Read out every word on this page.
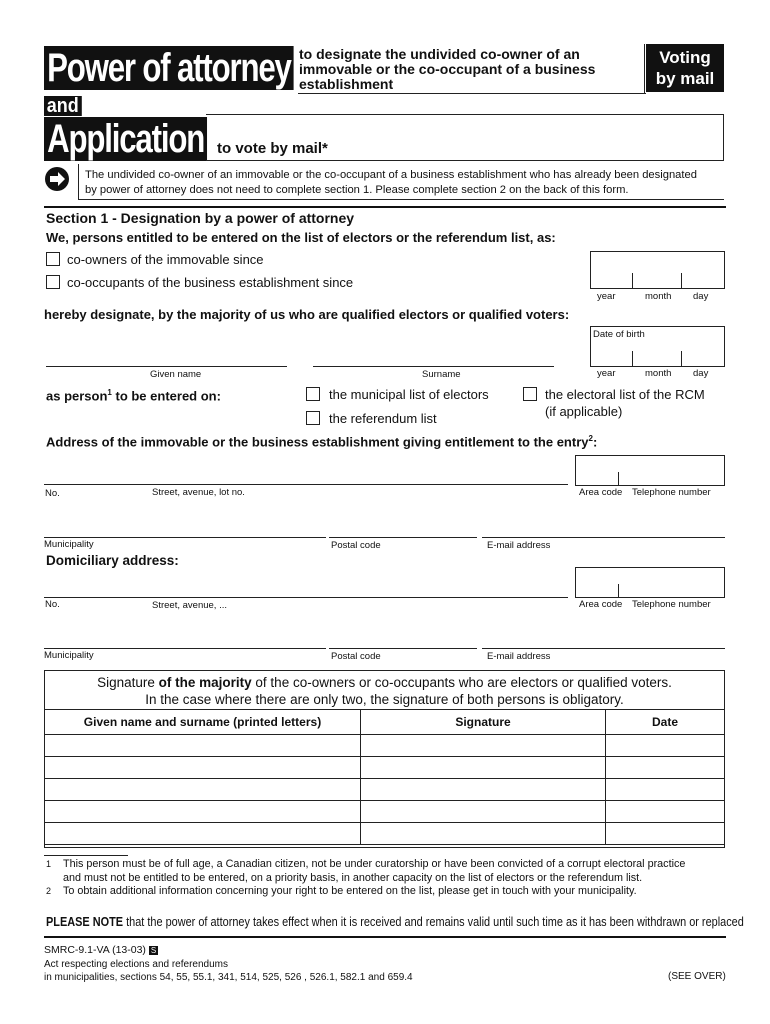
Power of attorney to designate the undivided co-owner of an
immovable or the co-occupant of a business
establishment
Voting
by mail
and
Application to vote by mail*
The undivided co-owner of an immovable or the co-occupant of a business establishment who has already been designated
by power of attorney does not need to complete section 1. Please complete section 2 on the back of this form.
Section 1 - Designation by a power of attorney
We, persons entitled to be entered on the list of electors or the referendum list, as:
co-owners of the immovable since
co-occupants of the business establishment since
year	month day
hereby designate, by the majority of us who are qualified electors or qualified voters:
Date of birth
year	month day
Given name	Surname
as person$^1$ to be entered on:	the municipal list of electors
the referendum list
the electoral list of the RCM
(if applicable)
Address of the immovable or the business establishment giving entitlement to the entry$^2$:
No.	Street, avenue, lot no.	Area code Telephone number
Municipality	Postal code	E-mail address
Domiciliary address:
No.	Street, avenue, ...	Area code Telephone number
Municipality	Postal code	E-mail address
Signature of the majority of the co-owners or co-occupants who are electors or qualified voters.
In the case where there are only two, the signature of both persons is obligatory.
Given name and surname (printed letters)	Signature	Date

1 This person must be of full age, a Canadian citizen, not be under curatorship or have been convicted of a corrupt electoral practice
and must not be entitled to be entered, on a priority basis, in another capacity on the list of electors or the referendum list.
2 To obtain additional information concerning your right to be entered on the list, please get in touch with your municipality.
PLEASE NOTE that the power of attorney takes effect when it is received and remains valid until such time as it has been withdrawn or replaced
SMRC-9.1-VA (13-03) S
Act respecting elections and referendums
in municipalities, sections 54, 55, 55.1, 341, 514, 525, 526 , 526.1, 582.1 and 659.4	(SEE OVER)
